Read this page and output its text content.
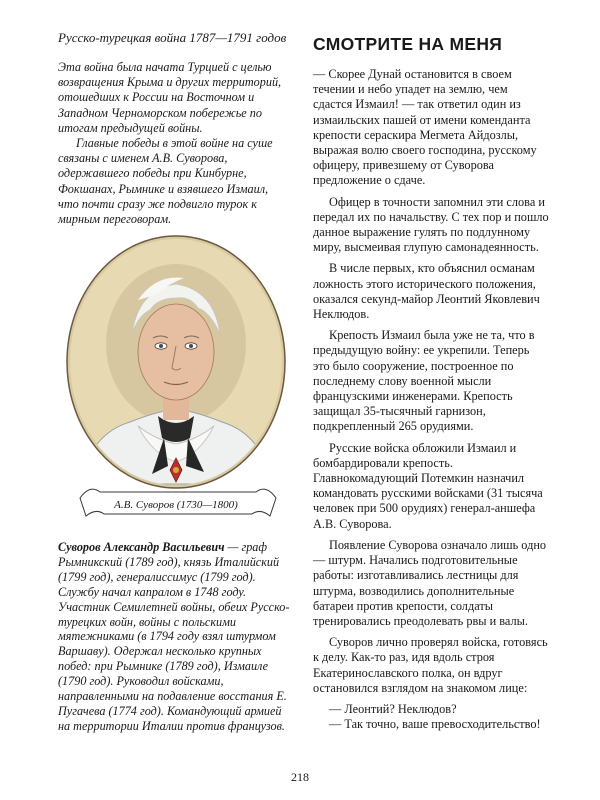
Русско-турецкая война 1787—1791 годов

Эта война была начата Турцией с целью возвращения Крыма и других территорий, отошедших к России на Восточном и Западном Черноморском побережье по итогам предыдущей войны.

Главные победы в этой войне на суше связаны с именем А.В. Суворова, одержавшего победы при Кинбурне, Фокшанах, Рымнике и взявшего Измаил, что почти сразу же подвигло турок к мирным переговорам.

А.В. Суворов (1730—1800)

Суворов Александр Васильевич — граф Рымникский (1789 год), князь Италийский (1799 год), генералиссимус (1799 год). Службу начал капралом в 1748 году. Участник Семилетней войны, обеих Русско-турецких войн, войны с польскими мятежниками (в 1794 году взял штурмом Варшаву). Одержал несколько крупных побед: при Рымнике (1789 год), Измаиле (1790 год). Руководил войсками, направленными на подавление восстания Е. Пугачева (1774 год). Командующий армией на территории Италии против французов.

СМОТРИТЕ НА МЕНЯ

— Скорее Дунай остановится в своем течении и небо упадет на землю, чем сдастся Измаил! — так ответил один из измаильских пашей от имени коменданта крепости сераскира Мегмета Айдозлы, выражая волю своего господина, русскому офицеру, привезшему от Суворова предложение о сдаче.

Офицер в точности запомнил эти слова и передал их по начальству. С тех пор и пошло данное выражение гулять по подлунному миру, высмеивая глупую самонадеянность.

В числе первых, кто объяснил османам ложность этого исторического положения, оказался секунд-майор Леонтий Яковлевич Неклюдов.

Крепость Измаил была уже не та, что в предыдущую войну: ее укрепили. Теперь это было сооружение, построенное по последнему слову военной мысли французскими инженерами. Крепость защищал 35-тысячный гарнизон, подкрепленный 265 орудиями.

Русские войска обложили Измаил и бомбардировали крепость. Главнокомадующий Потемкин назначил командовать русскими войсками (31 тысяча человек при 500 орудиях) генерал-аншефа А.В. Суворова.

Появление Суворова означало лишь одно — штурм. Начались подготовительные работы: изготавливались лестницы для штурма, возводились дополнительные батареи против крепости, солдаты тренировались преодолевать рвы и валы.

Суворов лично проверял войска, готовясь к делу. Как-то раз, идя вдоль строя Екатеринославского полка, он вдруг остановился взглядом на знакомом лице:

— Леонтий? Неклюдов?

— Так точно, ваше превосходительство!

218
